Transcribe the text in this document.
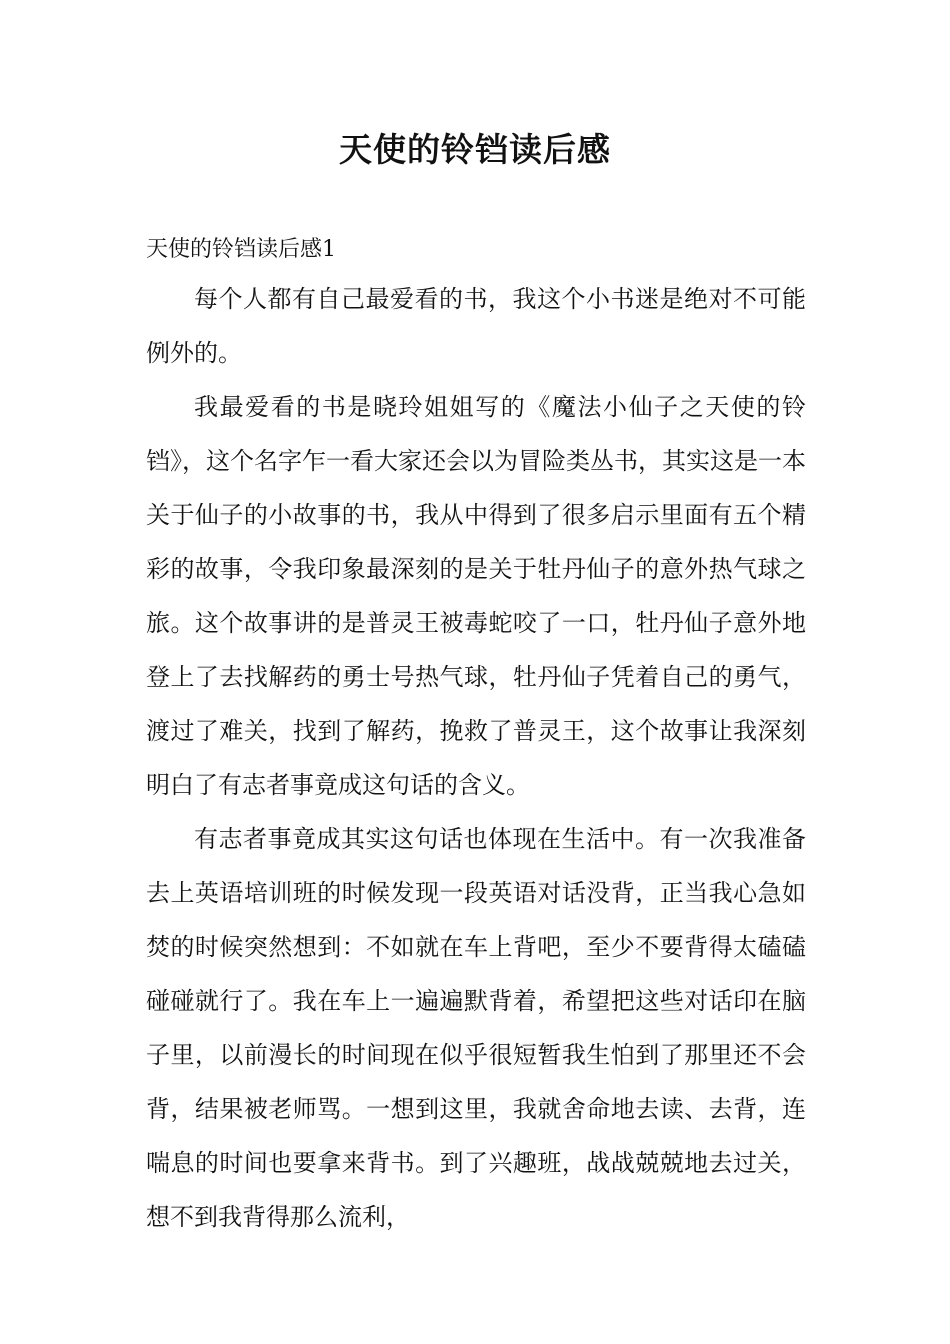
天使的铃铛读后感
天使的铃铛读后感1

每个人都有自己最爱看的书，我这个小书迷是绝对不可能例外的。

我最爱看的书是晓玲姐姐写的《魔法小仙子之天使的铃铛》，这个名字乍一看大家还会以为冒险类丛书，其实这是一本关于仙子的小故事的书，我从中得到了很多启示里面有五个精彩的故事，令我印象最深刻的是关于牡丹仙子的意外热气球之旅。这个故事讲的是普灵王被毒蛇咬了一口，牡丹仙子意外地登上了去找解药的勇士号热气球，牡丹仙子凭着自己的勇气，渡过了难关，找到了解药，挽救了普灵王，这个故事让我深刻明白了有志者事竟成这句话的含义。

有志者事竟成其实这句话也体现在生活中。有一次我准备去上英语培训班的时候发现一段英语对话没背，正当我心急如焚的时候突然想到：不如就在车上背吧，至少不要背得太磕磕碰碰就行了。我在车上一遍遍默背着，希望把这些对话印在脑子里，以前漫长的时间现在似乎很短暂我生怕到了那里还不会背，结果被老师骂。一想到这里，我就舍命地去读、去背，连喘息的时间也要拿来背书。到了兴趣班，战战兢兢地去过关，想不到我背得那么流利，
